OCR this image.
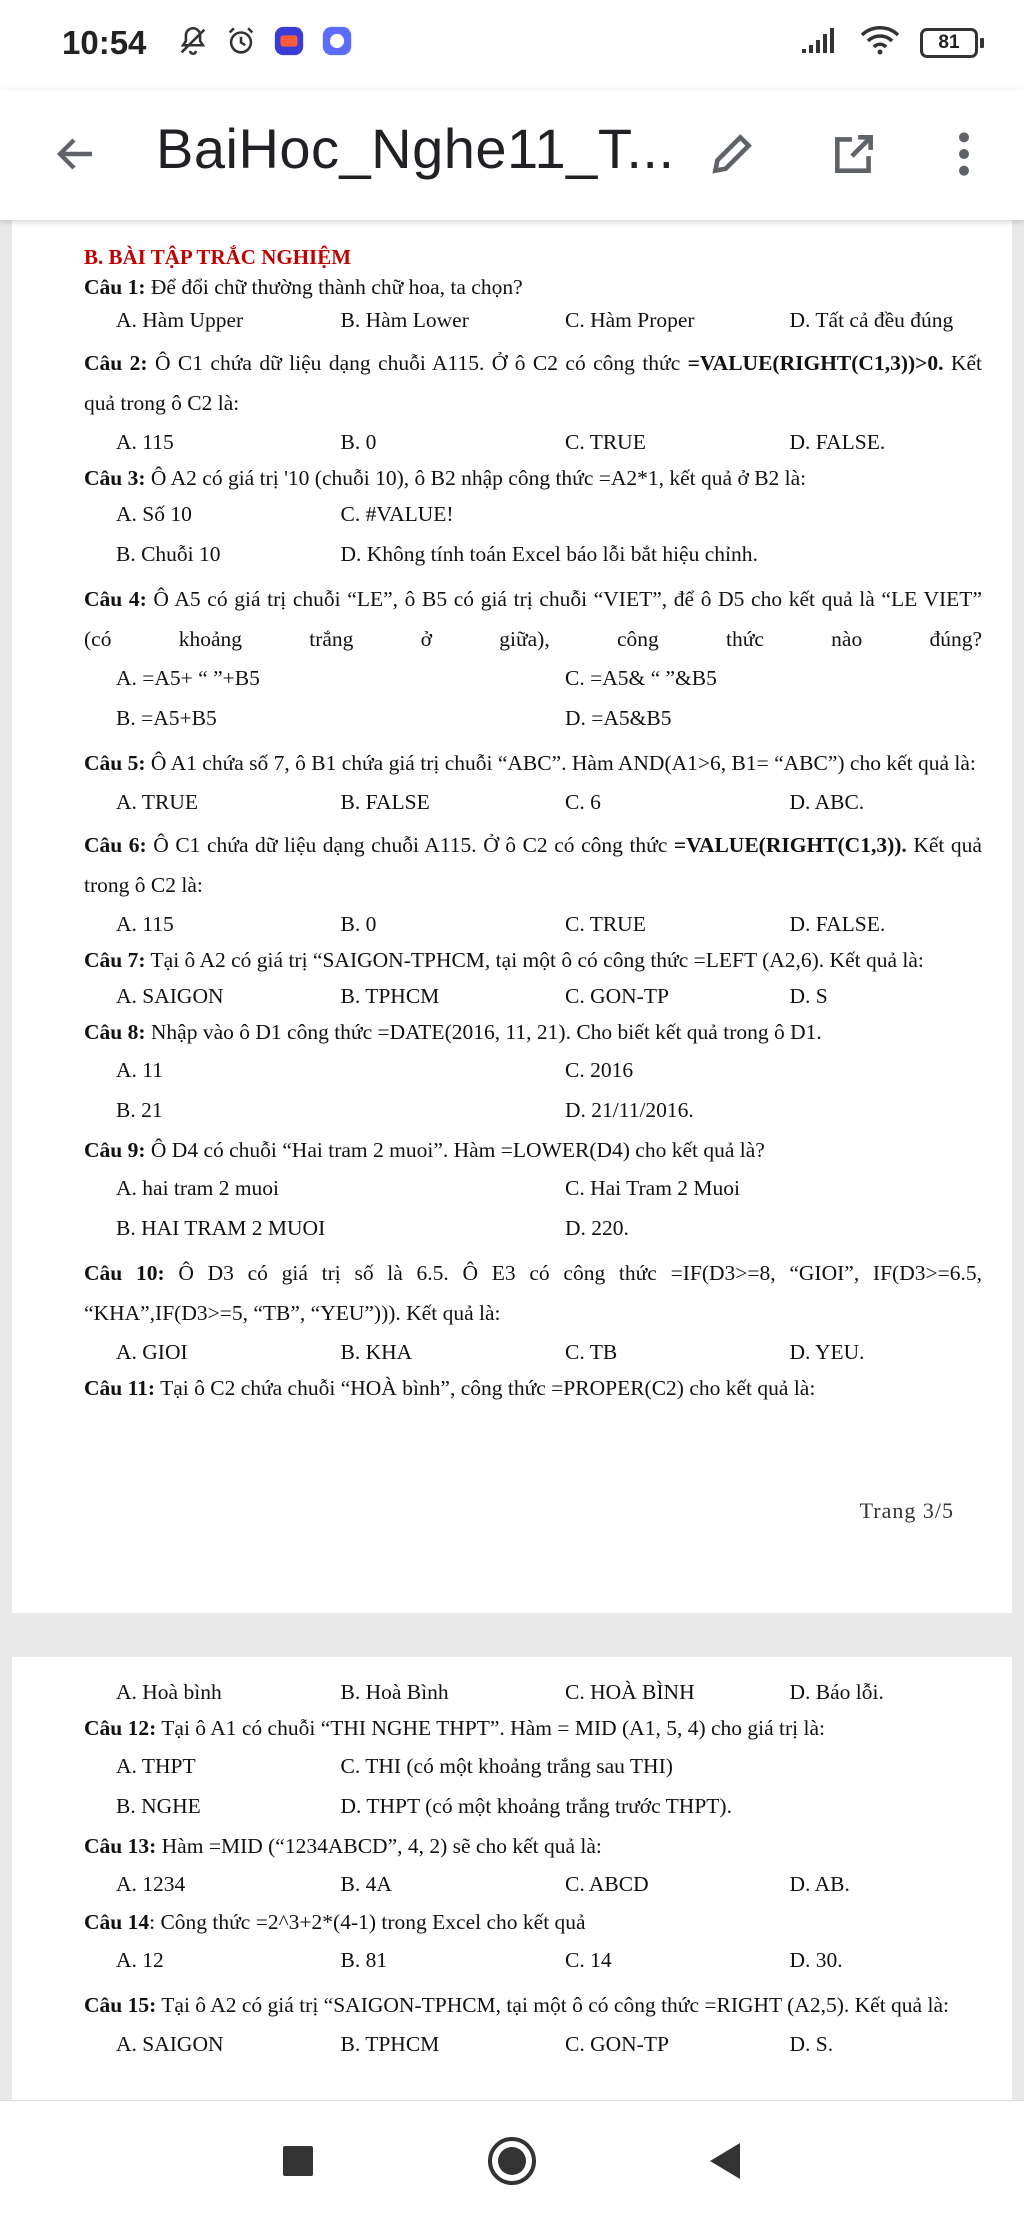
10:54	81
BaiHoc_Nghe11_T...
B. BÀI TẬP TRẮC NGHIỆM
Câu 1: Để đổi chữ thường thành chữ hoa, ta chọn?
A. Hàm Upper	B. Hàm Lower	C. Hàm Proper	D. Tất cả đều đúng
Câu 2: Ô C1 chứa dữ liệu dạng chuỗi A115. Ở ô C2 có công thức =VALUE(RIGHT(C1,3))>0. Kết quả trong ô C2 là:
A. 115	B. 0	C. TRUE	D. FALSE.
Câu 3: Ô A2 có giá trị '10 (chuỗi 10), ô B2 nhập công thức =A2*1, kết quả ở B2 là:
A. Số 10	C. #VALUE!
B. Chuỗi 10	D. Không tính toán Excel báo lỗi bắt hiệu chỉnh.
Câu 4: Ô A5 có giá trị chuỗi “LE”, ô B5 có giá trị chuỗi “VIET”, để ô D5 cho kết quả là “LE VIET” (có khoảng trắng ở giữa), công thức nào đúng?
A. =A5+ “ ”+B5	C. =A5& “ ”&B5
B. =A5+B5	D. =A5&B5
Câu 5: Ô A1 chứa số 7, ô B1 chứa giá trị chuỗi “ABC”. Hàm AND(A1>6, B1= “ABC”) cho kết quả là:
A. TRUE	B. FALSE	C. 6	D. ABC.
Câu 6: Ô C1 chứa dữ liệu dạng chuỗi A115. Ở ô C2 có công thức =VALUE(RIGHT(C1,3)). Kết quả trong ô C2 là:
A. 115	B. 0	C. TRUE	D. FALSE.
Câu 7: Tại ô A2 có giá trị “SAIGON-TPHCM, tại một ô có công thức =LEFT (A2,6). Kết quả là:
A. SAIGON	B. TPHCM	C. GON-TP	D. S
Câu 8: Nhập vào ô D1 công thức =DATE(2016, 11, 21). Cho biết kết quả trong ô D1.
A. 11	C. 2016
B. 21	D. 21/11/2016.
Câu 9: Ô D4 có chuỗi “Hai tram 2 muoi”. Hàm =LOWER(D4) cho kết quả là?
A. hai tram 2 muoi	C. Hai Tram 2 Muoi
B. HAI TRAM 2 MUOI	D. 220.
Câu 10: Ô D3 có giá trị số là 6.5. Ô E3 có công thức =IF(D3>=8, “GIOI”, IF(D3>=6.5, “KHA”,IF(D3>=5, “TB”, “YEU”))). Kết quả là:
A. GIOI	B. KHA	C. TB	D. YEU.
Câu 11: Tại ô C2 chứa chuỗi “HOÀ bình”, công thức =PROPER(C2) cho kết quả là:
Trang 3/5
A. Hoà bình	B. Hoà Bình	C. HOÀ BÌNH	D. Báo lỗi.
Câu 12: Tại ô A1 có chuỗi “THI NGHE THPT”. Hàm = MID (A1, 5, 4) cho giá trị là:
A. THPT	C. THI (có một khoảng trắng sau THI)
B. NGHE	D. THPT (có một khoảng trắng trước THPT).
Câu 13: Hàm =MID (“1234ABCD”, 4, 2) sẽ cho kết quả là:
A. 1234	B. 4A	C. ABCD	D. AB.
Câu 14: Công thức =2^3+2*(4-1) trong Excel cho kết quả
A. 12	B. 81	C. 14	D. 30.
Câu 15: Tại ô A2 có giá trị “SAIGON-TPHCM, tại một ô có công thức =RIGHT (A2,5). Kết quả là:
A. SAIGON	B. TPHCM	C. GON-TP	D. S.
